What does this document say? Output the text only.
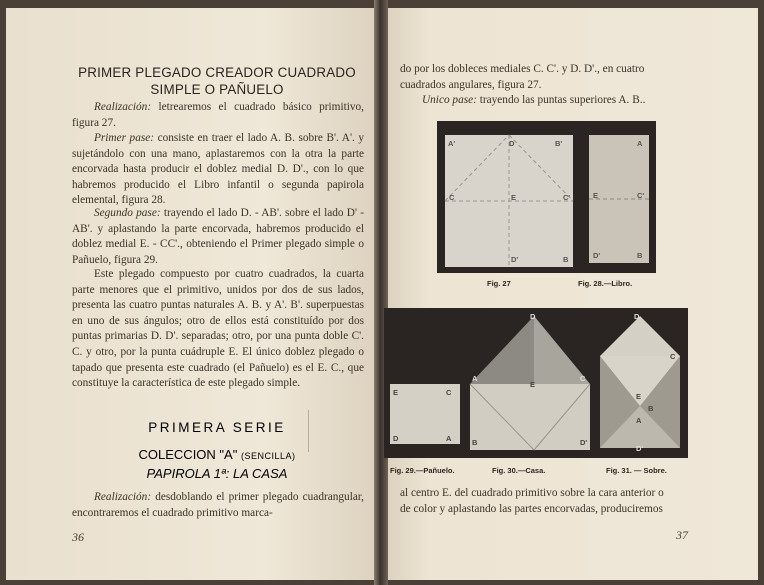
PRIMER PLEGADO CREADOR CUADRADO
SIMPLE O PAÑUELO
Realización: letrearemos el cuadrado básico primitivo, figura 27.
Primer pase: consiste en traer el lado A. B. sobre B'. A'. y sujetándolo con una mano, aplastaremos con la otra la parte encorvada hasta producir el doblez medial D. D'., con lo que habremos producido el Libro infantil o segunda papirola elemental, figura 28.
Segundo pase: trayendo el lado D. - AB'. sobre el lado D' - AB'. y aplastando la parte encorvada, habremos producido el doblez medial E. - CC'., obteniendo el Primer plegado simple o Pañuelo, figura 29.
Este plegado compuesto por cuatro cuadrados, la cuarta parte menores que el primitivo, unidos por dos de sus lados, presenta las cuatro puntas naturales A. B. y A'. B'. superpuestas en uno de sus ángulos; otro de ellos está constituído por dos puntas primarias D. D'. separadas; otro, por una punta doble C'. C. y otro, por la punta cuádruple E. El único doblez plegado o tapado que presenta este cuadrado (el Pañuelo) es el E. C., que constituye la característica de este plegado simple.
PRIMERA SERIE
COLECCION "A" (SENCILLA)
PAPIROLA 1ª: LA CASA
Realización: desdoblando el primer plegado cuadrangular, encontraremos el cuadrado primitivo marca-
36
do por los dobleces mediales C. C'. y D. D'., en cuatro
cuadrados angulares, figura 27.
Unico pase: trayendo las puntas superiores A. B..
A'	B'
C	C'
D
D'	B
E
A
B
E	C'
D'
Fig. 27	Fig. 28.—Libro.
C
A
D
E
D
A	C
E
B	D'
D
C
E
B
A
D'
Fig. 29.—Pañuelo.	Fig. 30.—Casa.	Fig. 31. — Sobre.
al centro E. del cuadrado primitivo sobre la cara anterior o
de color y aplastando las partes encorvadas, produciremos
37
